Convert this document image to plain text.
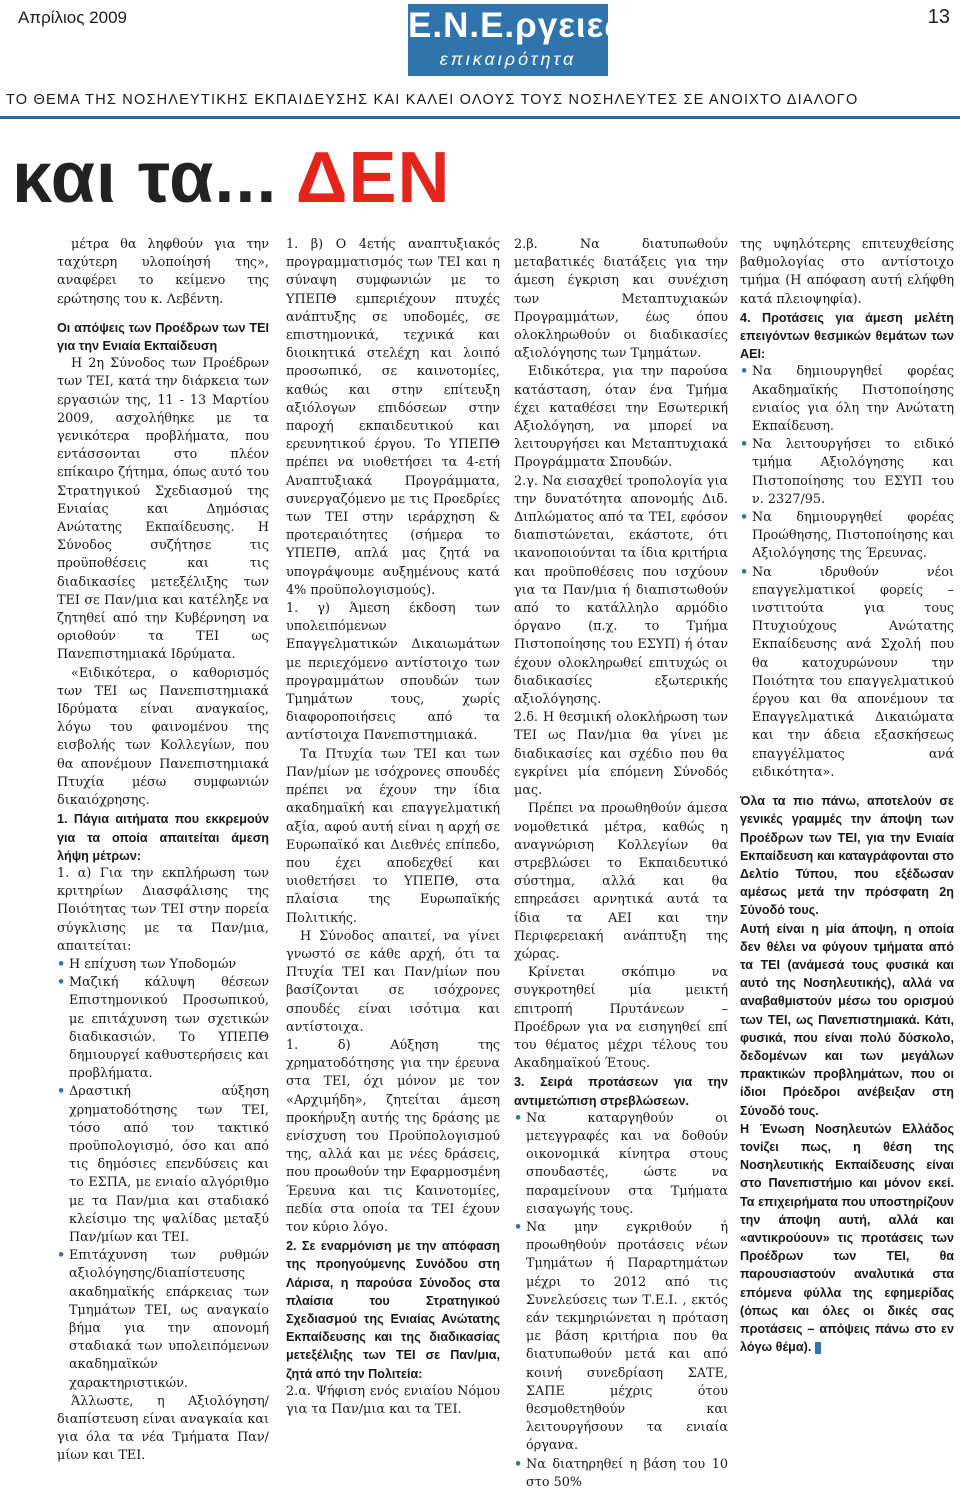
Απρίλιος 2009	13
Ε.Ν.Ε.ργειες
επικαιρότητα
ΤΟ ΘΕΜΑ ΤΗΣ ΝΟΣΗΛΕΥΤΙΚΗΣ ΕΚΠΑΙΔΕΥΣΗΣ ΚΑΙ ΚΑΛΕΙ ΟΛΟΥΣ ΤΟΥΣ ΝΟΣΗΛΕΥΤΕΣ ΣΕ ΑΝΟΙΧΤΟ ΔΙΑΛΟΓΟ
και τα... ΔΕΝ

μέτρα θα ληφθούν για την ταχύτερη υλοποίησή της», αναφέρει το κείμενο της ερώτησης του κ. Λεβέντη.

Οι απόψεις των Προέδρων των ΤΕΙ για την Ενιαία Εκπαίδευση

Η 2η Σύνοδος των Προέδρων των ΤΕΙ, κατά την διάρκεια των εργασιών της, 11 - 13 Μαρτίου 2009, ασχολήθηκε με τα γενικότερα προβλήματα, που εντάσσονται στο πλέον επίκαιρο ζήτημα, όπως αυτό του Στρατηγικού Σχεδιασμού της Ενιαίας και Δημόσιας Ανώτατης Εκπαίδευσης. Η Σύνοδος συζήτησε τις προϋποθέσεις και τις διαδικασίες μετεξέλιξης των ΤΕΙ σε Παν/μια και κατέληξε να ζητηθεί από την Κυβέρνηση να οριοθούν τα ΤΕΙ ως Πανεπιστημιακά Ιδρύματα.

«Ειδικότερα, ο καθορισμός των ΤΕΙ ως Πανεπιστημιακά Ιδρύματα είναι αναγκαίος, λόγω του φαινομένου της εισβολής των Κολλεγίων, που θα απονέμουν Πανεπιστημιακά Πτυχία μέσω συμφωνιών δικαιόχρησης.

1. Πάγια αιτήματα που εκκρεμούν για τα οποία απαιτείται άμεση λήψη μέτρων:

1. α) Για την εκπλήρωση των κριτηρίων Διασφάλισης της Ποιότητας των ΤΕΙ στην πορεία σύγκλισης με τα Παν/μια, απαιτείται:

• Η επίχυση των Υποδομών
• Μαζική κάλυψη θέσεων Επιστημονικού Προσωπικού, με επιτάχυνση των σχετικών διαδικασιών. Το ΥΠΕΠΘ δημιουργεί καθυστερήσεις και προβλήματα.
• Δραστική αύξηση χρηματοδότησης των ΤΕΙ, τόσο από τον τακτικό προϋπολογισμό, όσο και από τις δημόσιες επενδύσεις και το ΕΣΠΑ, με ενιαίο αλγόριθμο με τα Παν/μια και σταδιακό κλείσιμο της ψαλίδας μεταξύ Παν/μίων και ΤΕΙ.
• Επιτάχυνση των ρυθμών αξιολόγησης/διαπίστευσης ακαδημαϊκής επάρκειας των Τμημάτων ΤΕΙ, ως αναγκαίο βήμα για την απονομή σταδιακά των υπολειπόμενων ακαδημαϊκών χαρακτηριστικών.

Άλλωστε, η Αξιολόγηση/διαπίστευση είναι αναγκαία και για όλα τα νέα Τμήματα Παν/μίων και ΤΕΙ.

1. β) Ο 4ετής αναπτυξιακός προγραμματισμός των ΤΕΙ και η σύναψη συμφωνιών με το ΥΠΕΠΘ εμπεριέχουν πτυχές ανάπτυξης σε υποδομές, σε επιστημονικά, τεχνικά και διοικητικά στελέχη και λοιπό προσωπικό, σε καινοτομίες, καθώς και στην επίτευξη αξιόλογων επιδόσεων στην παροχή εκπαιδευτικού και ερευνητικού έργου. Το ΥΠΕΠΘ πρέπει να υιοθετήσει τα 4-ετή Αναπτυξιακά Προγράμματα, συνεργαζόμενο με τις Προεδρίες των ΤΕΙ στην ιεράρχηση & προτεραιότητες (σήμερα το ΥΠΕΠΘ, απλά μας ζητά να υπογράψουμε αυξημένους κατά 4% προϋπολογισμούς).

1. γ) Άμεση έκδοση των υπολειπόμενων Επαγγελματικών Δικαιωμάτων με περιεχόμενο αντίστοιχο των προγραμμάτων σπουδών των Τμημάτων τους, χωρίς διαφοροποιήσεις από τα αντίστοιχα Πανεπιστημιακά.

Τα Πτυχία των ΤΕΙ και των Παν/μίων με ισόχρονες σπουδές πρέπει να έχουν την ίδια ακαδημαϊκή και επαγγελματική αξία, αφού αυτή είναι η αρχή σε Ευρωπαϊκό και Διεθνές επίπεδο, που έχει αποδεχθεί και υιοθετήσει το ΥΠΕΠΘ, στα πλαίσια της Ευρωπαϊκής Πολιτικής.

Η Σύνοδος απαιτεί, να γίνει γνωστό σε κάθε αρχή, ότι τα Πτυχία ΤΕΙ και Παν/μίων που βασίζονται σε ισόχρονες σπουδές είναι ισότιμα και αντίστοιχα.

1. δ) Αύξηση της χρηματοδότησης για την έρευνα στα ΤΕΙ, όχι μόνον με τον «Αρχιμήδη», ζητείται άμεση προκήρυξη αυτής της δράσης με ενίσχυση του Προϋπολογισμού της, αλλά και με νέες δράσεις, που προωθούν την Εφαρμοσμένη Έρευνα και τις Καινοτομίες, πεδία στα οποία τα ΤΕΙ έχουν τον κύριο λόγο.

2. Σε εναρμόνιση με την απόφαση της προηγούμενης Συνόδου στη Λάρισα, η παρούσα Σύνοδος στα πλαίσια του Στρατηγικού Σχεδιασμού της Ενιαίας Ανώτατης Εκπαίδευσης και της διαδικασίας μετεξέλιξης των ΤΕΙ σε Παν/μια, ζητά από την Πολιτεία:

2.α. Ψήφιση ενός ενιαίου Νόμου για τα Παν/μια και τα ΤΕΙ.

2.β. Να διατυπωθούν μεταβατικές διατάξεις για την άμεση έγκριση και συνέχιση των Μεταπτυχιακών Προγραμμάτων, έως όπου ολοκληρωθούν οι διαδικασίες αξιολόγησης των Τμημάτων.

Ειδικότερα, για την παρούσα κατάσταση, όταν ένα Τμήμα έχει καταθέσει την Εσωτερική Αξιολόγηση, να μπορεί να λειτουργήσει και Μεταπτυχιακά Προγράμματα Σπουδών.

2.γ. Να εισαχθεί τροπολογία για την δυνατότητα απονομής Διδ. Διπλώματος από τα ΤΕΙ, εφόσον διαπιστώνεται, εκάστοτε, ότι ικανοποιούνται τα ίδια κριτήρια και προϋποθέσεις που ισχύουν για τα Παν/μια ή διαπιστωθούν από το κατάλληλο αρμόδιο όργανο (π.χ. το Τμήμα Πιστοποίησης του ΕΣΥΠ) ή όταν έχουν ολοκληρωθεί επιτυχώς οι διαδικασίες εξωτερικής αξιολόγησης.

2.δ. Η θεσμική ολοκλήρωση των ΤΕΙ ως Παν/μια θα γίνει με διαδικασίες και σχέδιο που θα εγκρίνει μία επόμενη Σύνοδός μας.

Πρέπει να προωθηθούν άμεσα νομοθετικά μέτρα, καθώς η αναγνώριση Κολλεγίων θα στρεβλώσει το Εκπαιδευτικό σύστημα, αλλά και θα επηρεάσει αρνητικά αυτά τα ίδια τα ΑΕΙ και την Περιφερειακή ανάπτυξη της χώρας.

Κρίνεται σκόπιμο να συγκροτηθεί μία μεικτή επιτροπή Πρυτάνεων –Προέδρων για να εισηγηθεί επί του θέματος μέχρι τέλους του Ακαδημαϊκού Έτους.

3. Σειρά προτάσεων για την αντιμετώπιση στρεβλώσεων.

• Να καταργηθούν οι μετεγγραφές και να δοθούν οικονομικά κίνητρα στους σπουδαστές, ώστε να παραμείνουν στα Τμήματα εισαγωγής τους.
• Να μην εγκριθούν ή προωθηθούν προτάσεις νέων Τμημάτων ή Παραρτημάτων μέχρι το 2012 από τις Συνελεύσεις των Τ.Ε.Ι. , εκτός εάν τεκμηριώνεται η πρόταση με βάση κριτήρια που θα διατυπωθούν μετά και από κοινή συνεδρίαση ΣΑΤΕ, ΣΑΠΕ μέχρις ότου θεσμοθετηθούν και λειτουργήσουν τα ενιαία όργανα.
• Να διατηρηθεί η βάση του 10 στο 50%

της υψηλότερης επιτευχθείσης βαθμολογίας στο αντίστοιχο τμήμα (Η απόφαση αυτή ελήφθη κατά πλειοψηφία).

4. Προτάσεις για άμεση μελέτη επειγόντων θεσμικών θεμάτων των ΑΕΙ:

• Να δημιουργηθεί φορέας Ακαδημαϊκής Πιστοποίησης ενιαίος για όλη την Ανώτατη Εκπαίδευση.
• Να λειτουργήσει το ειδικό τμήμα Αξιολόγησης και Πιστοποίησης του ΕΣΥΠ του ν. 2327/95.
• Να δημιουργηθεί φορέας Προώθησης, Πιστοποίησης και Αξιολόγησης της Έρευνας.
• Να ιδρυθούν νέοι επαγγελματικοί φορείς – ινστιτούτα για τους Πτυχιούχους Ανώτατης Εκπαίδευσης ανά Σχολή που θα κατοχυρώνουν την Ποιότητα του επαγγελματικού έργου και θα απονέμουν τα Επαγγελματικά Δικαιώματα και την άδεια εξασκήσεως επαγγέλματος ανά ειδικότητα».

Όλα τα πιο πάνω, αποτελούν σε γενικές γραμμές την άποψη των Προέδρων των ΤΕΙ, για την Ενιαία Εκπαίδευση και καταγράφονται στο Δελτίο Τύπου, που εξέδωσαν αμέσως μετά την πρόσφατη 2η Σύνοδό τους.

Αυτή είναι η μία άποψη, η οποία δεν θέλει να φύγουν τμήματα από τα ΤΕΙ (ανάμεσά τους φυσικά και αυτό της Νοσηλευτικής), αλλά να αναβαθμιστούν μέσω του ορισμού των ΤΕΙ, ως Πανεπιστημιακά. Κάτι, φυσικά, που είναι πολύ δύσκολο, δεδομένων και των μεγάλων πρακτικών προβλημάτων, που οι ίδιοι Πρόεδροι ανέβειξαν στη Σύνοδό τους.

Η Ένωση Νοσηλευτών Ελλάδος τονίζει πως, η θέση της Νοσηλευτικής Εκπαίδευσης είναι στο Πανεπιστήμιο και μόνον εκεί. Τα επιχειρήματα που υποστηρίζουν την άποψη αυτή, αλλά και «αντικρούουν» τις προτάσεις των Προέδρων των ΤΕΙ, θα παρουσιαστούν αναλυτικά στα επόμενα φύλλα της εφημερίδας (όπως και όλες οι δικές σας προτάσεις – απόψεις πάνω στο εν λόγω θέμα).
